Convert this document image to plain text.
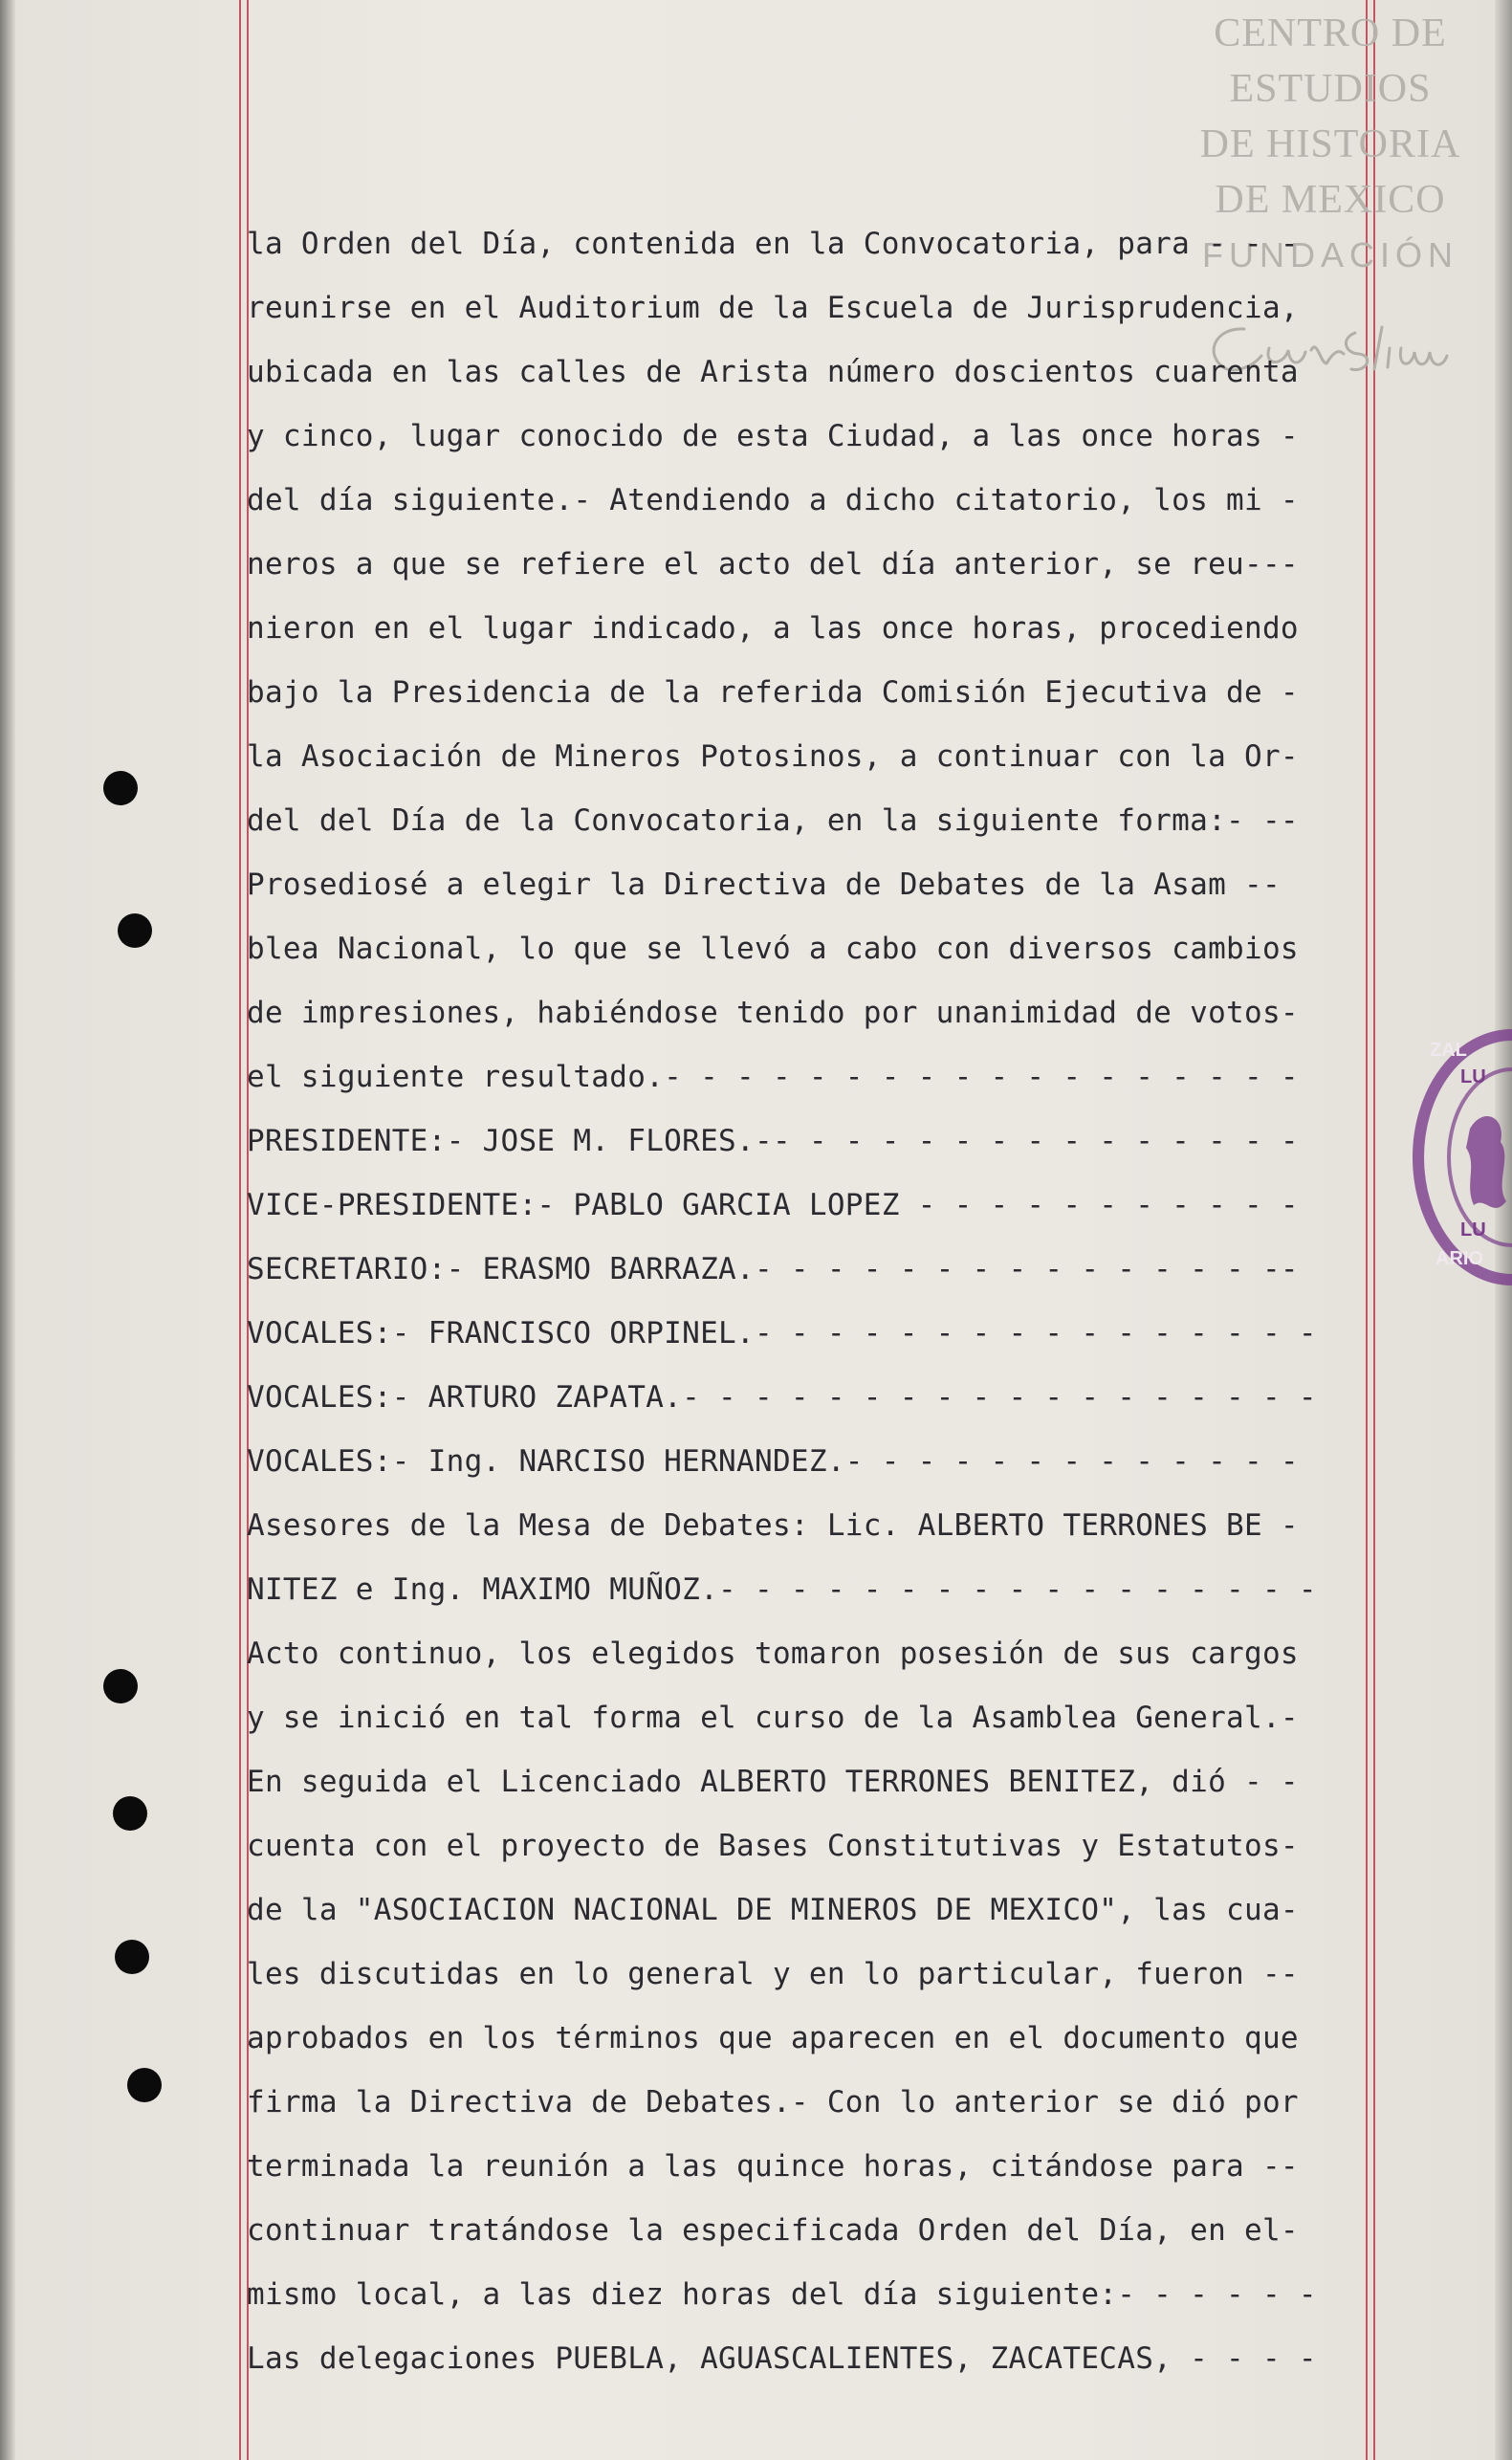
CENTRO DE
ESTUDIOS
DE HISTORIA
DE MEXICO
FUNDACIÓN
ZAL
LU
LU
ARIO
la Orden del Día, contenida en la Convocatoria, para - - -
reunirse en el Auditorium de la Escuela de Jurisprudencia,
ubicada en las calles de Arista número doscientos cuarenta
y cinco, lugar conocido de esta Ciudad, a las once horas -
del día siguiente.- Atendiendo a dicho citatorio, los mi -
neros a que se refiere el acto del día anterior, se reu---
nieron en el lugar indicado, a las once horas, procediendo
bajo la Presidencia de la referida Comisión Ejecutiva de -
la Asociación de Mineros Potosinos, a continuar con la Or-
del del Día de la Convocatoria, en la siguiente forma:- --
Prosediosé a elegir la Directiva de Debates de la Asam --
blea Nacional, lo que se llevó a cabo con diversos cambios
de impresiones, habiéndose tenido por unanimidad de votos-
el siguiente resultado.- - - - - - - - - - - - - - - - - -
PRESIDENTE:- JOSE M. FLORES.-- - - - - - - - - - - - - - -
VICE-PRESIDENTE:- PABLO GARCIA LOPEZ - - - - - - - - - - -
SECRETARIO:- ERASMO BARRAZA.- - - - - - - - - - - - - - --
VOCALES:- FRANCISCO ORPINEL.- - - - - - - - - - - - - - - -
VOCALES:- ARTURO ZAPATA.- - - - - - - - - - - - - - - - - -
VOCALES:- Ing. NARCISO HERNANDEZ.- - - - - - - - - - - - -
Asesores de la Mesa de Debates: Lic. ALBERTO TERRONES BE -
NITEZ e Ing. MAXIMO MUÑOZ.- - - - - - - - - - - - - - - - -
Acto continuo, los elegidos tomaron posesión de sus cargos
y se inició en tal forma el curso de la Asamblea General.-
En seguida el Licenciado ALBERTO TERRONES BENITEZ, dió - -
cuenta con el proyecto de Bases Constitutivas y Estatutos-
de la "ASOCIACION NACIONAL DE MINEROS DE MEXICO", las cua-
les discutidas en lo general y en lo particular, fueron --
aprobados en los términos que aparecen en el documento que
firma la Directiva de Debates.- Con lo anterior se dió por
terminada la reunión a las quince horas, citándose para --
continuar tratándose la especificada Orden del Día, en el-
mismo local, a las diez horas del día siguiente:- - - - - -
Las delegaciones PUEBLA, AGUASCALIENTES, ZACATECAS, - - - -
